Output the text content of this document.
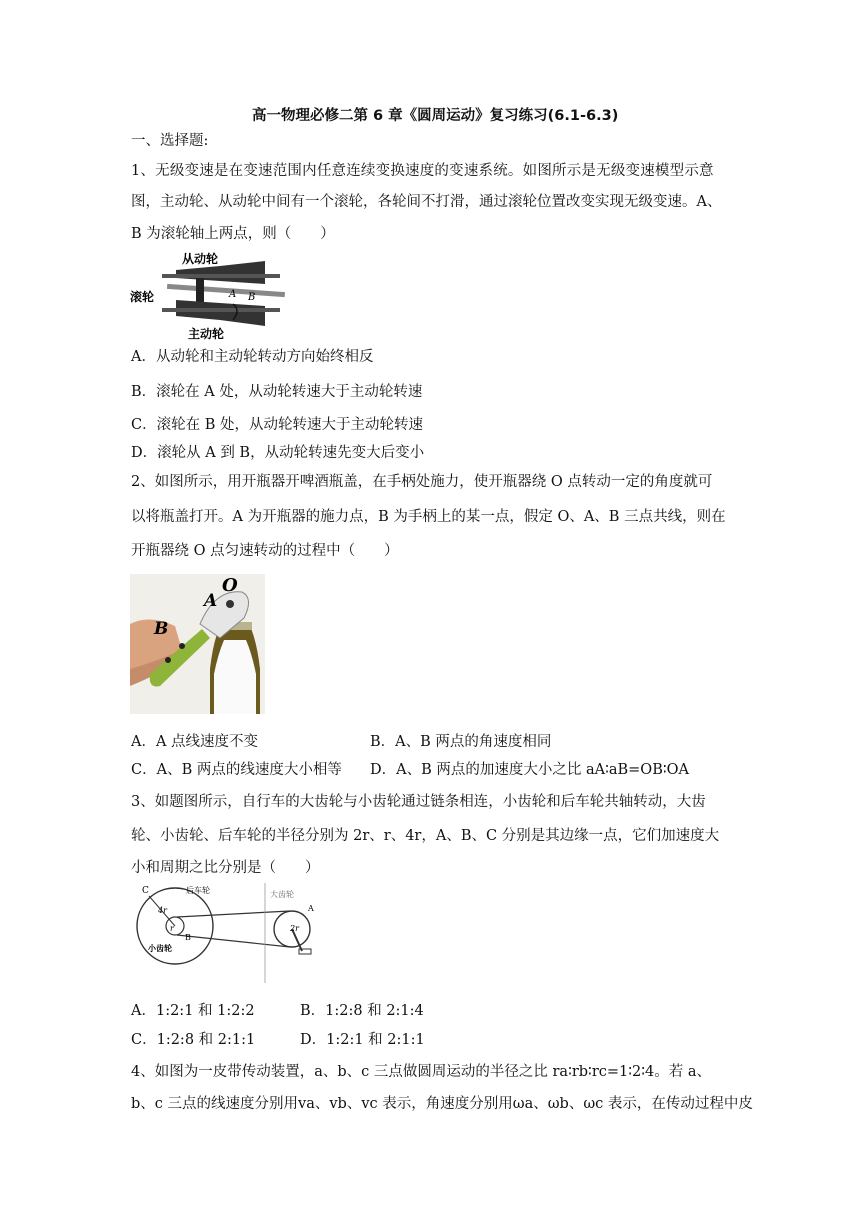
高一物理必修二第 6 章《圆周运动》复习练习(6.1-6.3)
一、选择题:
1、无级变速是在变速范围内任意连续变换速度的变速系统。如图所示是无级变速模型示意
图，主动轮、从动轮中间有一个滚轮，各轮间不打滑，通过滚轮位置改变实现无级变速。A、
B 为滚轮轴上两点，则（　　）
从动轮
滚轮
主动轮
A B
A．从动轮和主动轮转动方向始终相反
B．滚轮在 A 处，从动轮转速大于主动轮转速
C．滚轮在 B 处，从动轮转速大于主动轮转速
D．滚轮从 A 到 B，从动轮转速先变大后变小
2、如图所示，用开瓶器开啤酒瓶盖，在手柄处施力，使开瓶器绕 O 点转动一定的角度就可
以将瓶盖打开。A 为开瓶器的施力点，B 为手柄上的某一点，假定 O、A、B 三点共线，则在
开瓶器绕 O 点匀速转动的过程中（　　）
O
A
B
A．A 点线速度不变	B．A、B 两点的角速度相同
C．A、B 两点的线速度大小相等 D．A、B 两点的加速度大小之比 aA∶aB=OB∶OA
3、如题图所示，自行车的大齿轮与小齿轮通过链条相连，小齿轮和后车轮共轴转动，大齿
轮、小齿轮、后车轮的半径分别为 2r、r、4r，A、B、C 分别是其边缘一点，它们加速度大
小和周期之比分别是（　　）
C	后车轮
4r
r
B
小齿轮
大齿轮
A
2r
A．1:2:1 和 1:2:2	B．1:2:8 和 2:1:4
C．1:2:8 和 2:1:1	D．1:2:1 和 2:1:1
4、如图为一皮带传动装置，a、b、c 三点做圆周运动的半径之比 ra∶rb∶rc=1∶2∶4。若 a、
b、c 三点的线速度分别用va、vb、vc 表示，角速度分别用ωa、ωb、ωc 表示，在传动过程中皮
